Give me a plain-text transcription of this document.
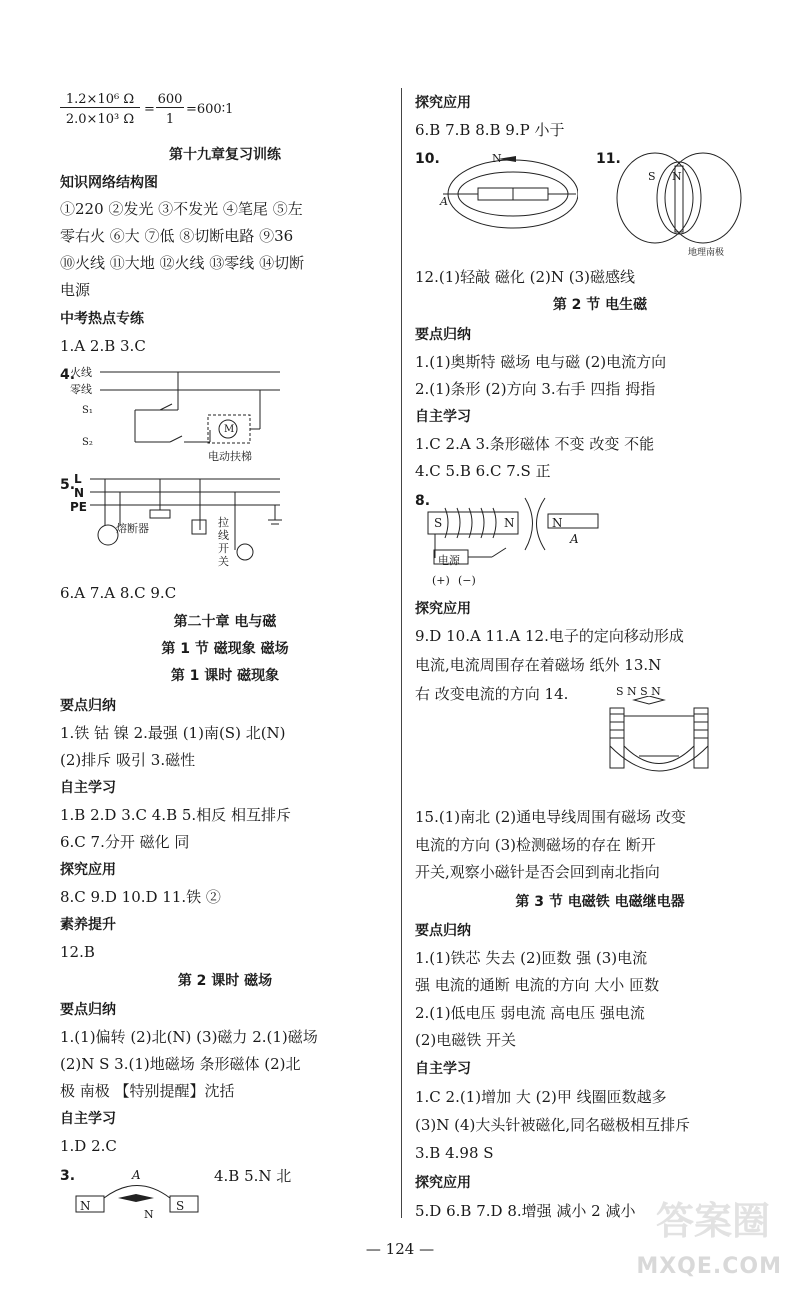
1.2×10⁶ Ω
2.0×10³ Ω
=
600
1
=600∶1
第十九章复习训练
知识网络结构图
①220 ②发光 ③不发光 ④笔尾 ⑤左
零右火 ⑥大 ⑦低 ⑧切断电路 ⑨36
⑩火线 ⑪大地 ⑫火线 ⑬零线 ⑭切断
电源
中考热点专练
1.A 2.B 3.C
4.
火线
零线
S₁
S₂
M
电动扶梯
5.
L
N
PE
熔断器	拉线开关
6.A 7.A 8.C 9.C
第二十章 电与磁
第 1 节 磁现象 磁场
第 1 课时 磁现象
要点归纳
1.铁 钴 镍 2.最强 (1)南(S) 北(N)
(2)排斥 吸引 3.磁性
自主学习
1.B 2.D 3.C 4.B 5.相反 相互排斥
6.C 7.分开 磁化 同
探究应用
8.C 9.D 10.D 11.铁 ②
素养提升
12.B
第 2 课时 磁场
要点归纳
1.(1)偏转 (2)北(N) (3)磁力 2.(1)磁场
(2)N S 3.(1)地磁场 条形磁体 (2)北
极 南极 【特别提醒】沈括
自主学习
1.D 2.C
3.
N	S
A
N
4.B 5.N 北
探究应用
6.B 7.B 8.B 9.P 小于
10.	N
A
11.
S N
地理南极
12.(1)轻敲 磁化 (2)N (3)磁感线
第 2 节 电生磁
要点归纳
1.(1)奥斯特 磁场 电与磁 (2)电流方向
2.(1)条形 (2)方向 3.右手 四指 拇指
自主学习
1.C 2.A 3.条形磁体 不变 改变 不能
4.C 5.B 6.C 7.S 正
8.
S	N	N
A
电源
(+) (−)
探究应用
9.D 10.A 11.A 12.电子的定向移动形成
电流,电流周围存在着磁场 纸外 13.N
右 改变电流的方向 14.	S N S N
15.(1)南北 (2)通电导线周围有磁场 改变
电流的方向 (3)检测磁场的存在 断开
开关,观察小磁针是否会回到南北指向
第 3 节 电磁铁 电磁继电器
要点归纳
1.(1)铁芯 失去 (2)匝数 强 (3)电流
强 电流的通断 电流的方向 大小 匝数
2.(1)低电压 弱电流 高电压 强电流
(2)电磁铁 开关
自主学习
1.C 2.(1)增加 大 (2)甲 线圈匝数越多
(3)N (4)大头针被磁化,同名磁极相互排斥
3.B 4.98 S
探究应用
5.D 6.B 7.D 8.增强 减小 2 减小
— 124 —
答案圈
MXQE.COM
